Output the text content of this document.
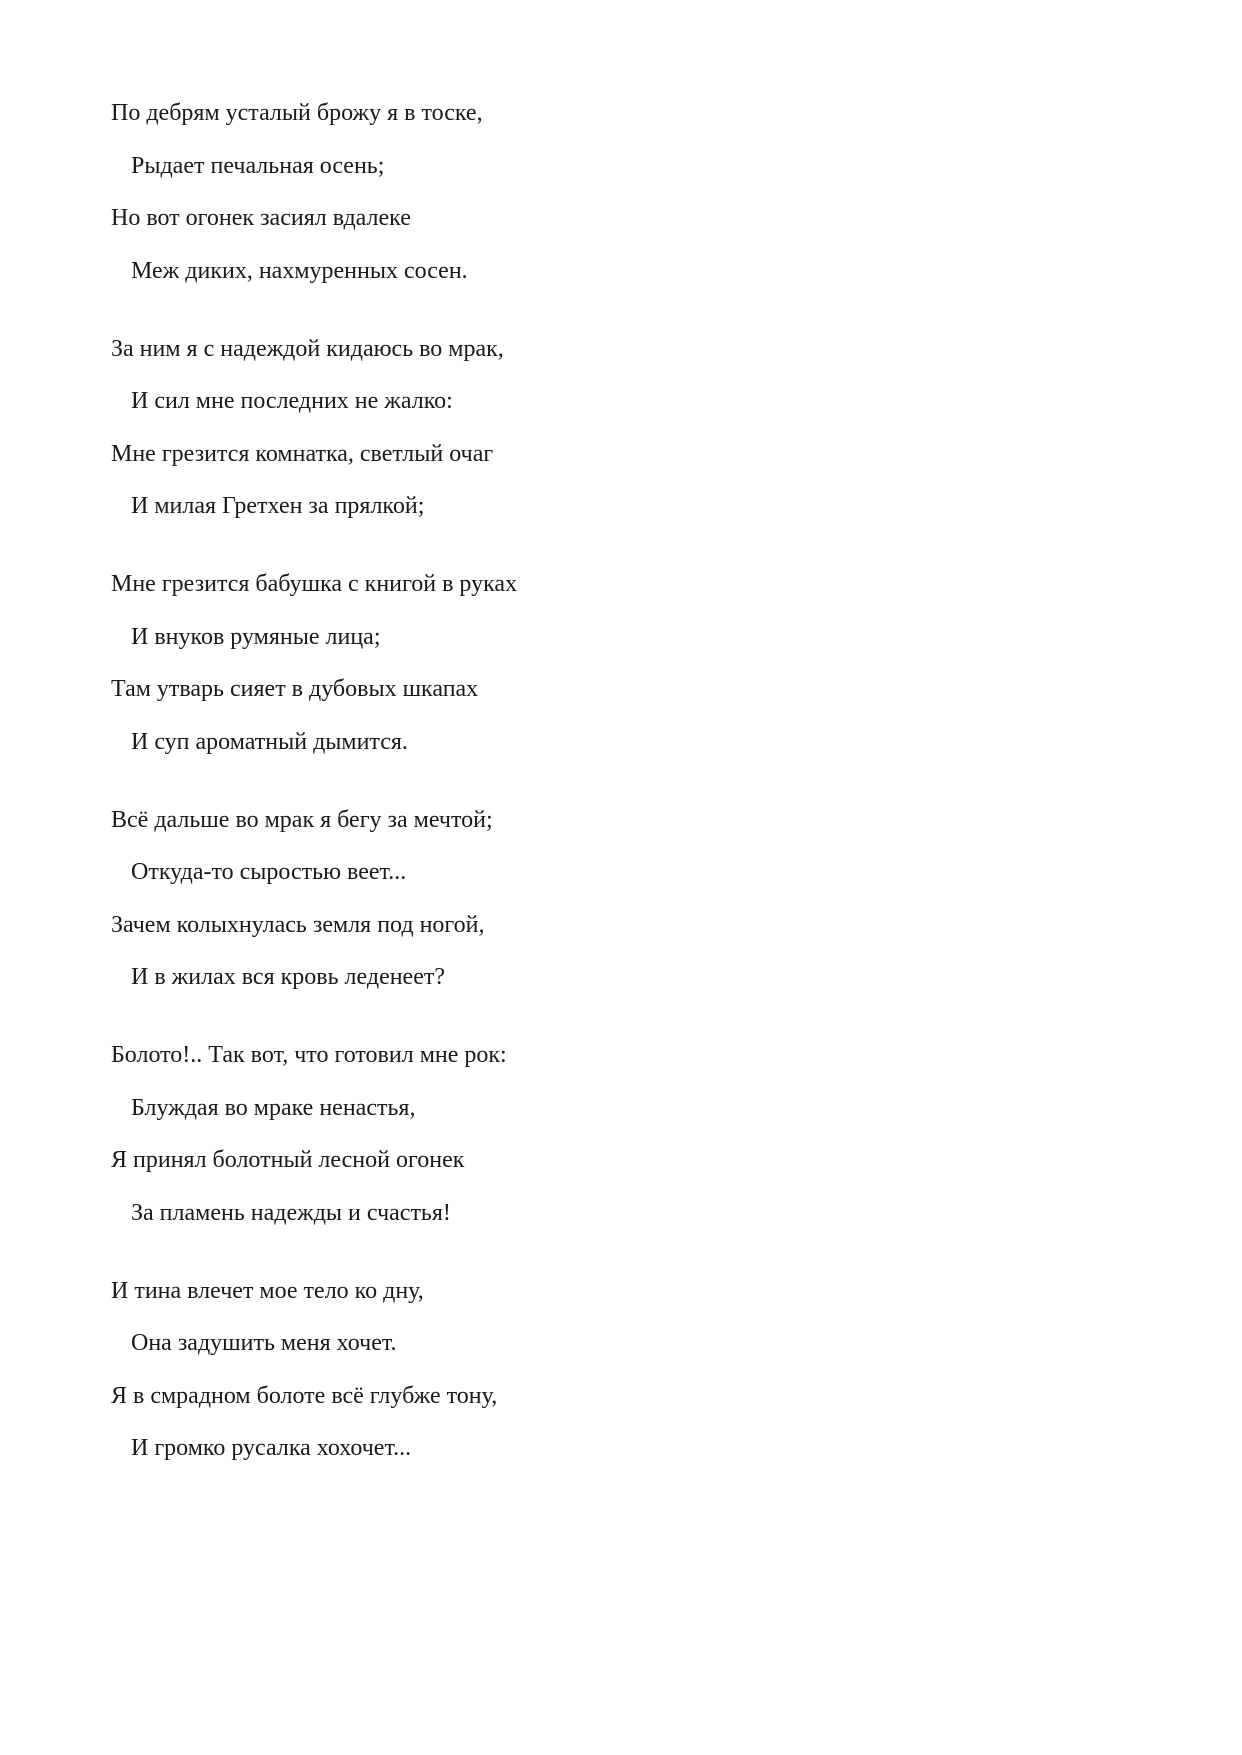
По дебрям усталый брожу я в тоске,
Рыдает печальная осень;
Но вот огонек засиял вдалеке
Меж диких, нахмуренных сосен.
За ним я с надеждой кидаюсь во мрак,
И сил мне последних не жалко:
Мне грезится комнатка, светлый очаг
И милая Гретхен за прялкой;
Мне грезится бабушка с книгой в руках
И внуков румяные лица;
Там утварь сияет в дубовых шкапах
И суп ароматный дымится.
Всё дальше во мрак я бегу за мечтой;
Откуда-то сыростью веет...
Зачем колыхнулась земля под ногой,
И в жилах вся кровь леденеет?
Болото!.. Так вот, что готовил мне рок:
Блуждая во мраке ненастья,
Я принял болотный лесной огонек
За пламень надежды и счастья!
И тина влечет мое тело ко дну,
Она задушить меня хочет.
Я в смрадном болоте всё глубже тону,
И громко русалка хохочет...
